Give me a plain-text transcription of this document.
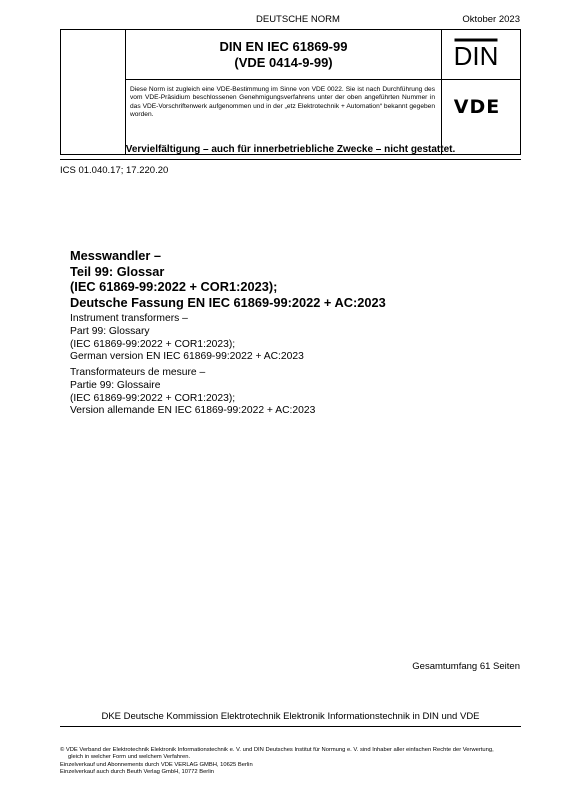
DEUTSCHE NORM	Oktober 2023
DIN EN IEC 61869-99
(VDE 0414-9-99)
Diese Norm ist zugleich eine VDE-Bestimmung im Sinne von VDE 0022. Sie ist nach Durchführung des vom VDE-Präsidium beschlossenen Genehmigungsverfahrens unter der oben angeführten Nummer in das VDE-Vorschriftenwerk aufgenommen und in der „etz Elektrotechnik + Automation“ bekannt gegeben worden.
DIN
VDE
Vervielfältigung – auch für innerbetriebliche Zwecke – nicht gestattet.
ICS 01.040.17; 17.220.20
Messwandler –
Teil 99: Glossar
(IEC 61869-99:2022 + COR1:2023);
Deutsche Fassung EN IEC 61869-99:2022 + AC:2023
Instrument transformers –
Part 99: Glossary
(IEC 61869-99:2022 + COR1:2023);
German version EN IEC 61869-99:2022 + AC:2023
Transformateurs de mesure –
Partie 99: Glossaire
(IEC 61869-99:2022 + COR1:2023);
Version allemande EN IEC 61869-99:2022 + AC:2023
Gesamtumfang 61 Seiten
DKE Deutsche Kommission Elektrotechnik Elektronik Informationstechnik in DIN und VDE
© VDE Verband der Elektrotechnik Elektronik Informationstechnik e. V. und DIN Deutsches Institut für Normung e. V. sind Inhaber aller einfachen Rechte der Verwertung,
gleich in welcher Form und welchem Verfahren.
Einzelverkauf und Abonnements durch VDE VERLAG GMBH, 10625 Berlin
Einzelverkauf auch durch Beuth Verlag GmbH, 10772 Berlin
